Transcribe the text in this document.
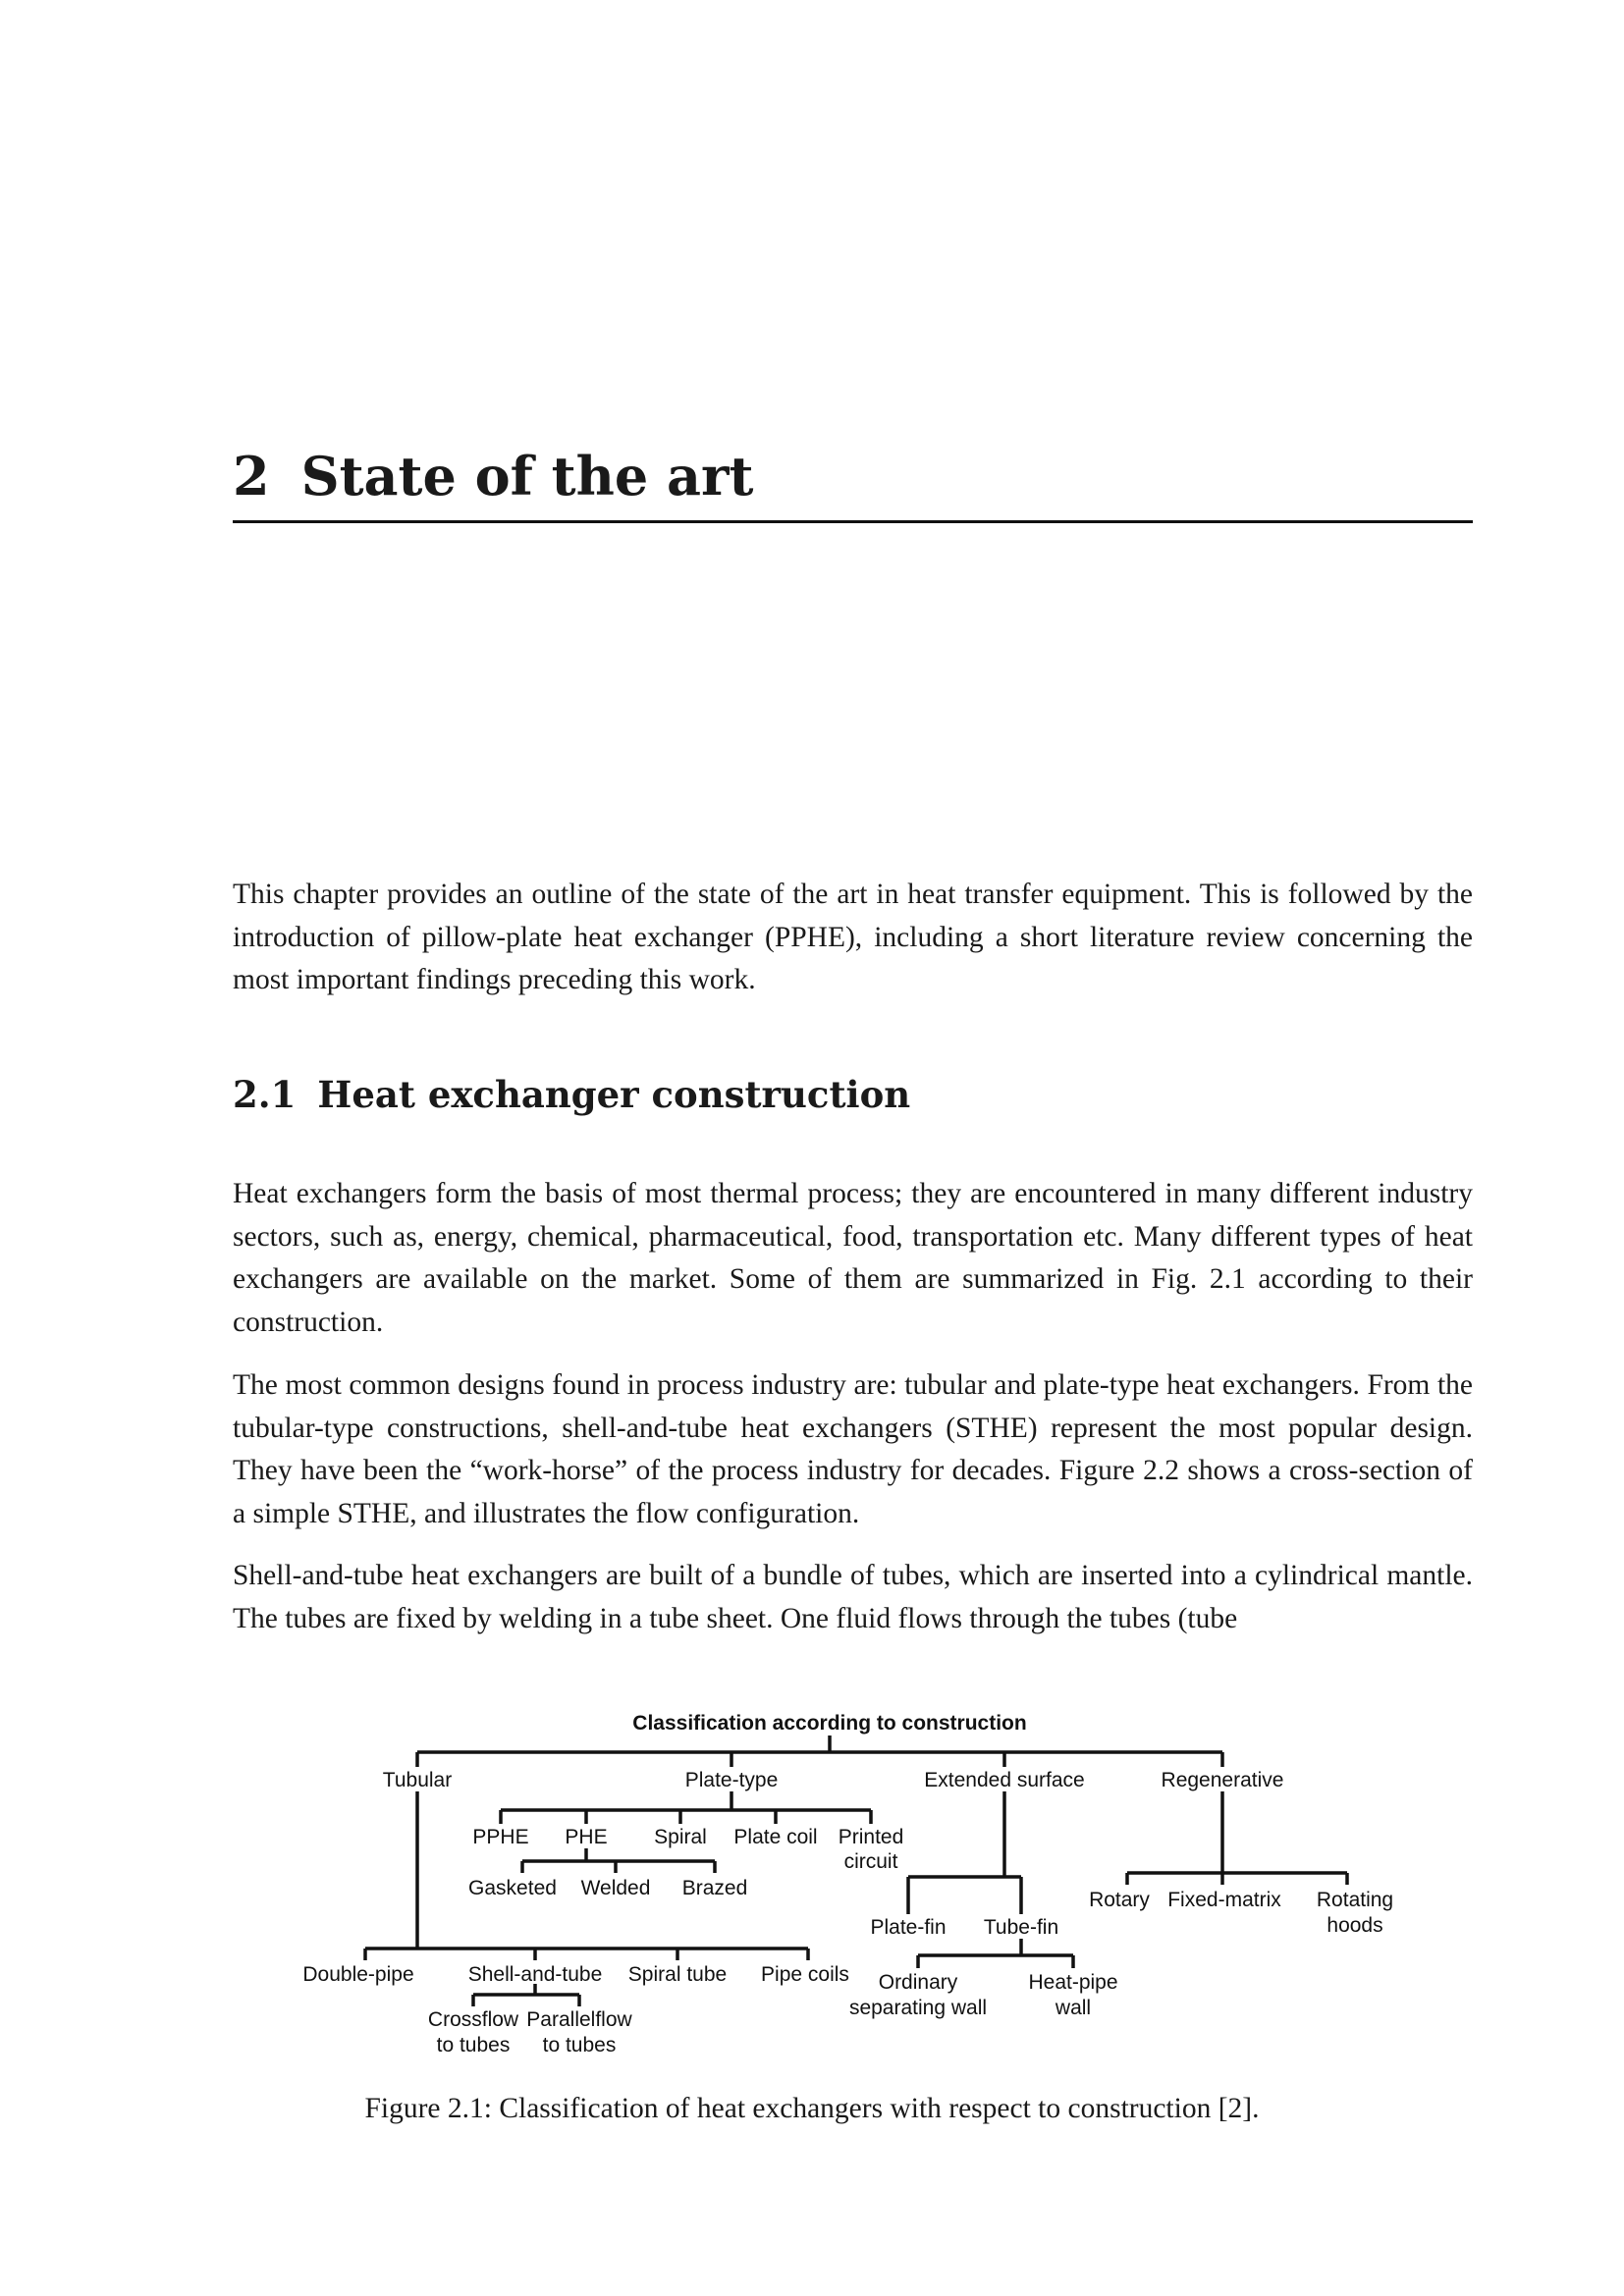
2 State of the art

This chapter provides an outline of the state of the art in heat transfer equipment. This is followed by the introduction of pillow-plate heat exchanger (PPHE), including a short literature review concerning the most important findings preceding this work.

2.1 Heat exchanger construction

Heat exchangers form the basis of most thermal process; they are encountered in many different industry sectors, such as, energy, chemical, pharmaceutical, food, transportation etc. Many different types of heat exchangers are available on the market. Some of them are summarized in Fig. 2.1 according to their construction.

The most common designs found in process industry are: tubular and plate-type heat exchangers. From the tubular-type constructions, shell-and-tube heat exchangers (STHE) represent the most popular design. They have been the “work-horse” of the process industry for decades. Figure 2.2 shows a cross-section of a simple STHE, and illustrates the flow configuration.

Shell-and-tube heat exchangers are built of a bundle of tubes, which are inserted into a cylindrical mantle. The tubes are fixed by welding in a tube sheet. One fluid flows through the tubes (tube

Classification according to construction
Tubular	Plate-type	Extended surface	Regenerative
PPHE PHE Spiral Plate coil Printed
circuit
Gasketed Welded Brazed
Plate-fin Tube-fin
Rotary Fixed-matrix Rotating
hoods
Double-pipe	Shell-and-tube Spiral tube Pipe coils
Crossflow
to tubes
Parallelflow
to tubes
Ordinary
separating wall
Heat-pipe
wall

Figure 2.1: Classification of heat exchangers with respect to construction [2].
